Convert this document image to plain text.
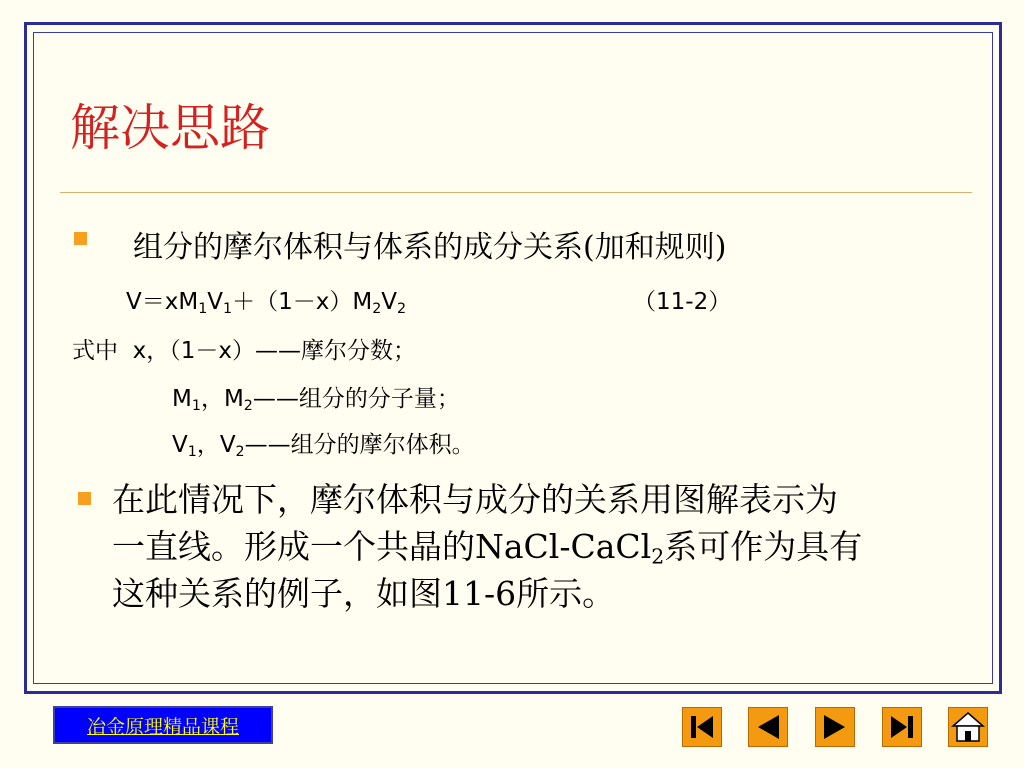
解决思路
组分的摩尔体积与体系的成分关系(加和规则)
$V=xM_1V_1+(1-x)M_2V_2$	（11-2）
式中  x，（1－x）——摩尔分数；
$M_1$，$M_2——$组分的分子量；
$V_1$，$V_2——$组分的摩尔体积。
在此情况下，摩尔体积与成分的关系用图解表示为
一直线。形成一个共晶的NaCl-CaCl$_2$系可作为具有
这种关系的例子，如图11-6所示。
冶金原理精品课程
